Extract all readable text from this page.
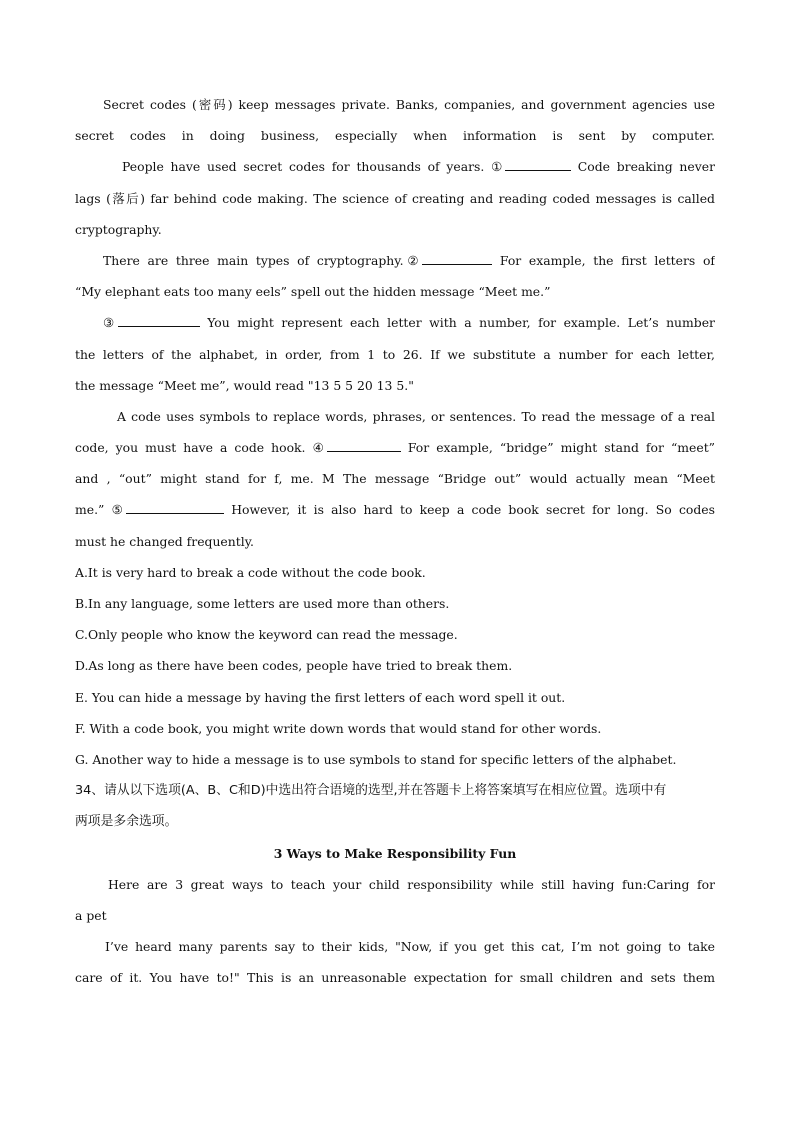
Secret codes (密码) keep messages private. Banks, companies, and government agencies use
secret codes in doing business, especially when information is sent by computer.
People have used secret codes for thousands of years. ①	Code breaking never
lags (落后) far behind code making. The science of creating and reading coded messages is called
cryptography.
There are three main types of cryptography.②	For example, the first letters of
“My elephant eats too many eels” spell out the hidden message “Meet me.”
③	You might represent each letter with a number, for example. Let’s number
the letters of the alphabet, in order, from 1 to 26. If we substitute a number for each letter,
the message “Meet me”, would read "13 5 5 20 13 5."
A code uses symbols to replace words, phrases, or sentences. To read the message of a real
code, you must have a code hook. ④	For example, “bridge” might stand for “meet”
and , “out” might stand for f, me. M The message “Bridge out” would actually mean “Meet
me.” ⑤	However, it is also hard to keep a code book secret for long. So codes
must he changed frequently.
A.It is very hard to break a code without the code book.
B.In any language, some letters are used more than others.
C.Only people who know the keyword can read the message.
D.As long as there have been codes, people have tried to break them.
E. You can hide a message by having the first letters of each word spell it out.
F. With a code book, you might write down words that would stand for other words.
G. Another way to hide a message is to use symbols to stand for specific letters of the alphabet.
34、请从以下选项(A、B、C和D)中选出符合语境的选型,并在答题卡上将答案填写在相应位置。选项中有
两项是多余选项。
3 Ways to Make Responsibility Fun
Here are 3 great ways to teach your child responsibility while still having fun:Caring for
a pet
I’ve heard many parents say to their kids, "Now, if you get this cat, I’m not going to take
care of it. You have to!" This is an unreasonable expectation for small children and sets them
